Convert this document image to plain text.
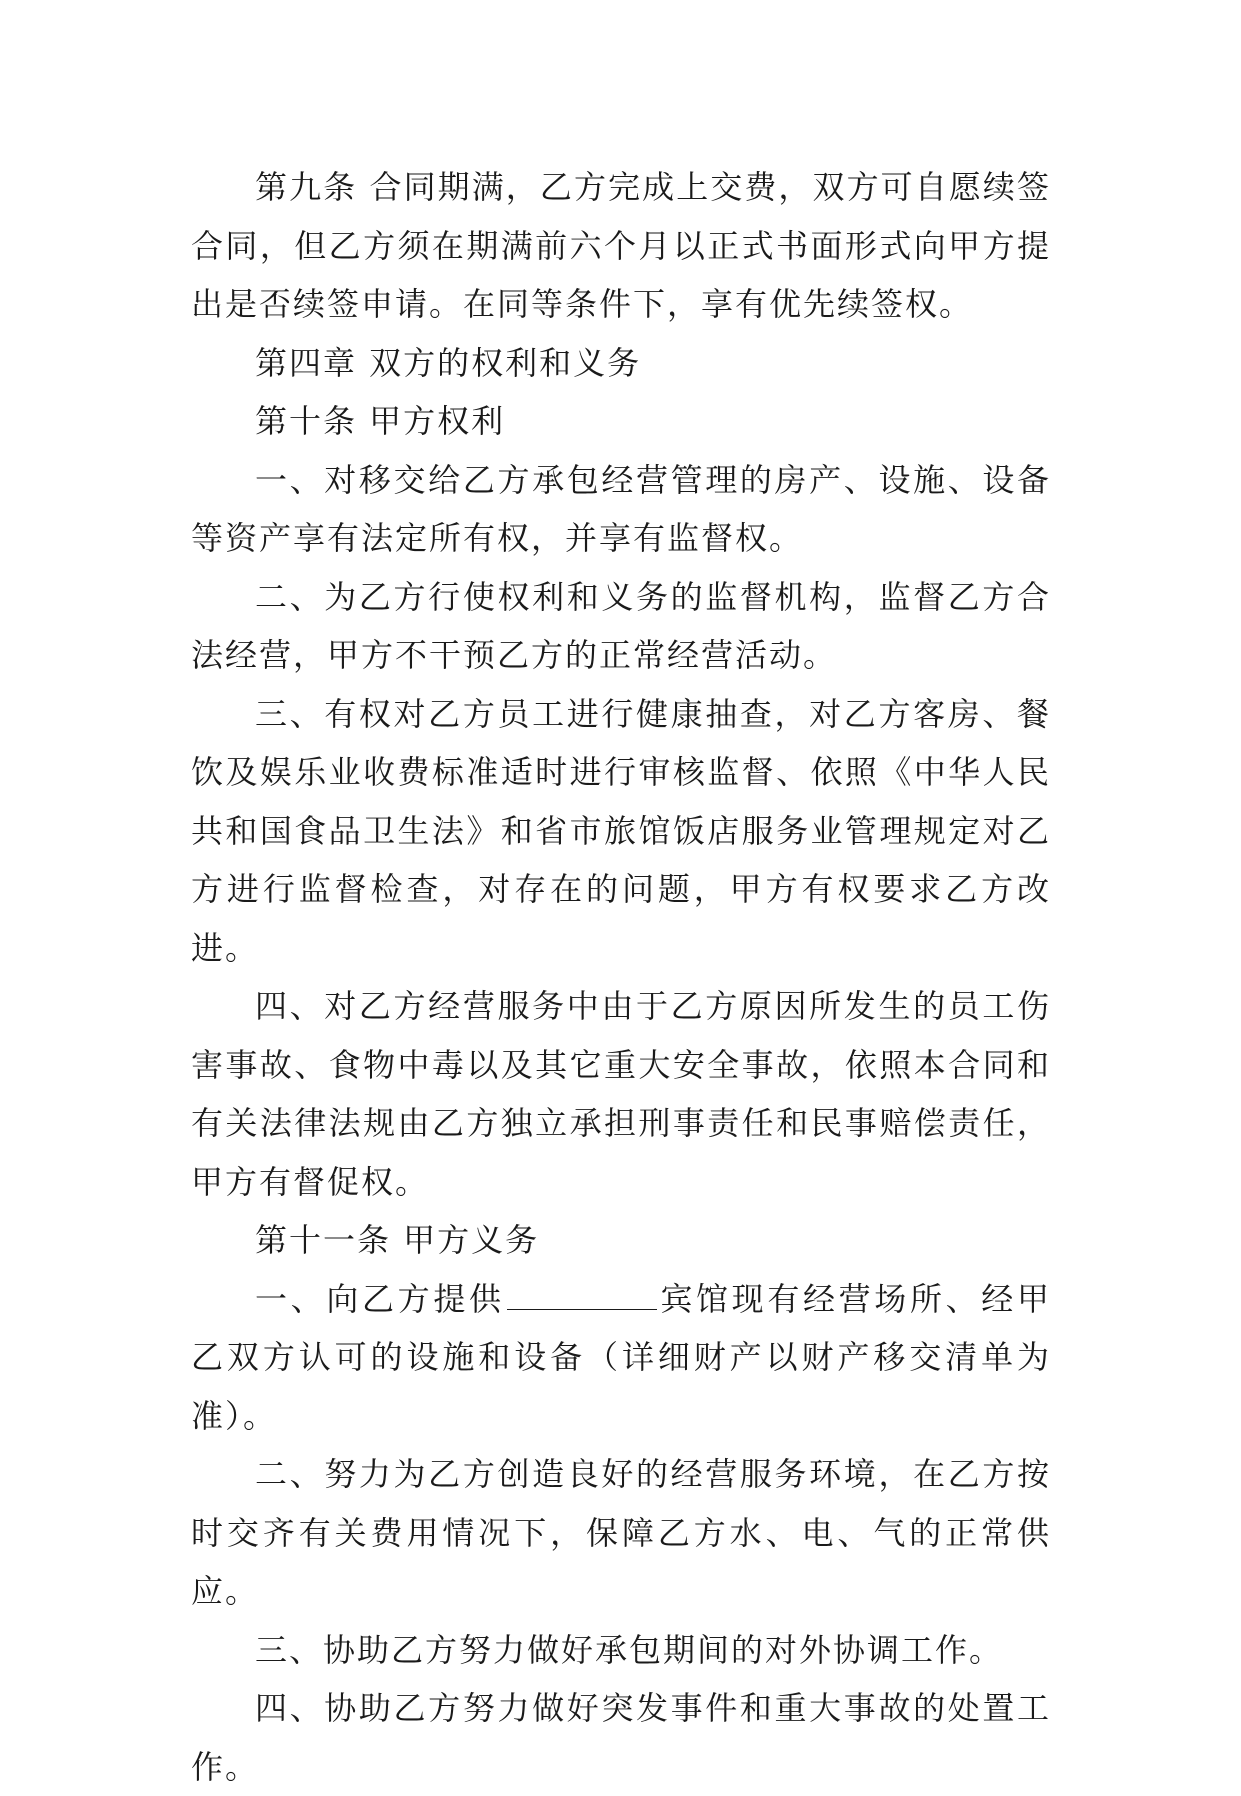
第九条 合同期满，乙方完成上交费，双方可自愿续签合同，但乙方须在期满前六个月以正式书面形式向甲方提出是否续签申请。在同等条件下，享有优先续签权。

第四章 双方的权利和义务

第十条 甲方权利

一、对移交给乙方承包经营管理的房产、设施、设备等资产享有法定所有权，并享有监督权。

二、为乙方行使权利和义务的监督机构，监督乙方合法经营，甲方不干预乙方的正常经营活动。

三、有权对乙方员工进行健康抽查，对乙方客房、餐饮及娱乐业收费标准适时进行审核监督、依照《中华人民共和国食品卫生法》和省市旅馆饭店服务业管理规定对乙方进行监督检查，对存在的问题，甲方有权要求乙方改进。

四、对乙方经营服务中由于乙方原因所发生的员工伤害事故、食物中毒以及其它重大安全事故，依照本合同和有关法律法规由乙方独立承担刑事责任和民事赔偿责任，甲方有督促权。

第十一条 甲方义务

一、向乙方提供	宾馆现有经营场所、经甲乙双方认可的设施和设备（详细财产以财产移交清单为准）。

二、努力为乙方创造良好的经营服务环境，在乙方按时交齐有关费用情况下，保障乙方水、电、气的正常供应。

三、协助乙方努力做好承包期间的对外协调工作。

四、协助乙方努力做好突发事件和重大事故的处置工作。
